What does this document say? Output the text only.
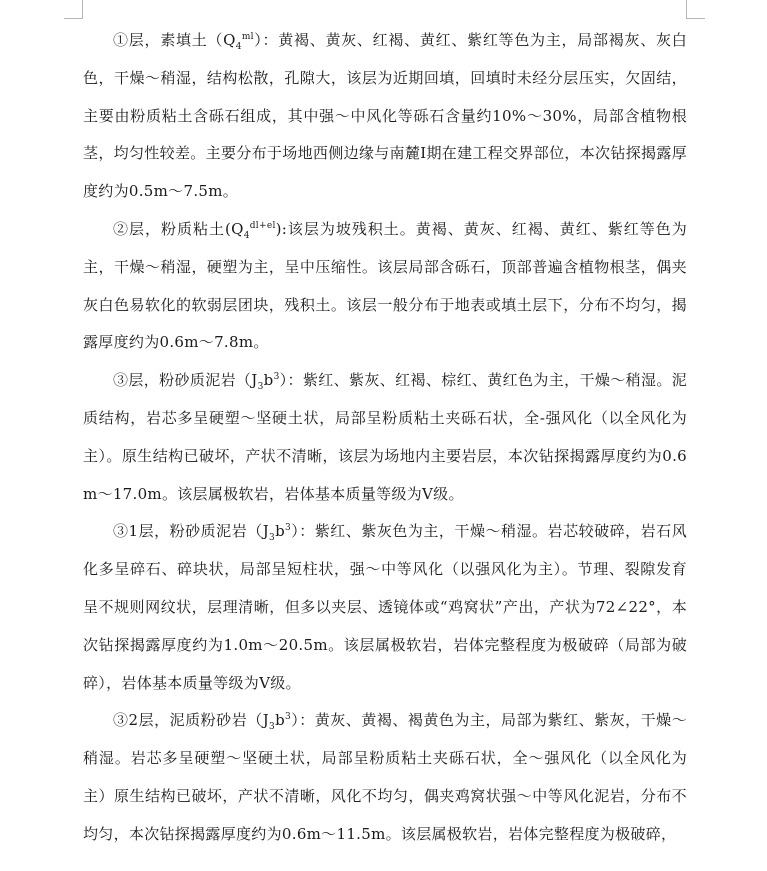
①层，素填土$(Q_4^{ml})$：黄褐、黄灰、红褐、黄红、紫红等色为主，局部褐灰、灰白色，干燥～稍湿，结构松散，孔隙大，该层为近期回填，回填时未经分层压实，欠固结，主要由粉质粘土含砾石组成，其中强～中风化等砾石含量约10%～30%，局部含植物根茎，均匀性较差。主要分布于场地西侧边缘与南麓Ⅰ期在建工程交界部位，本次钻探揭露厚度约为0.5m～7.5m。

②层，粉质粘土$(Q_4^{dl+el})$:该层为坡残积土。黄褐、黄灰、红褐、黄红、紫红等色为主，干燥～稍湿，硬塑为主，呈中压缩性。该层局部含砾石，顶部普遍含植物根茎，偶夹灰白色易软化的软弱层团块，残积土。该层一般分布于地表或填土层下，分布不均匀，揭露厚度约为0.6m～7.8m。

③层，粉砂质泥岩$(J_3b^3)$：紫红、紫灰、红褐、棕红、黄红色为主，干燥～稍湿。泥质结构，岩芯多呈硬塑～坚硬土状，局部呈粉质粘土夹砾石状，全-强风化（以全风化为主）。原生结构已破坏，产状不清晰，该层为场地内主要岩层，本次钻探揭露厚度约为0.6m～17.0m。该层属极软岩，岩体基本质量等级为Ⅴ级。

③1层，粉砂质泥岩$(J_3b^3)$：紫红、紫灰色为主，干燥～稍湿。岩芯较破碎，岩石风化多呈碎石、碎块状，局部呈短柱状，强～中等风化（以强风化为主）。节理、裂隙发育呈不规则网纹状，层理清晰，但多以夹层、透镜体或“鸡窝状”产出，产状为72∠22°，本次钻探揭露厚度约为1.0m～20.5m。该层属极软岩，岩体完整程度为极破碎（局部为破碎），岩体基本质量等级为Ⅴ级。

③2层，泥质粉砂岩$(J_3b^3)$：黄灰、黄褐、褐黄色为主，局部为紫红、紫灰，干燥～稍湿。岩芯多呈硬塑～坚硬土状，局部呈粉质粘土夹砾石状，全～强风化（以全风化为主）原生结构已破坏，产状不清晰，风化不均匀，偶夹鸡窝状强～中等风化泥岩，分布不均匀，本次钻探揭露厚度约为0.6m～11.5m。该层属极软岩，岩体完整程度为极破碎，
